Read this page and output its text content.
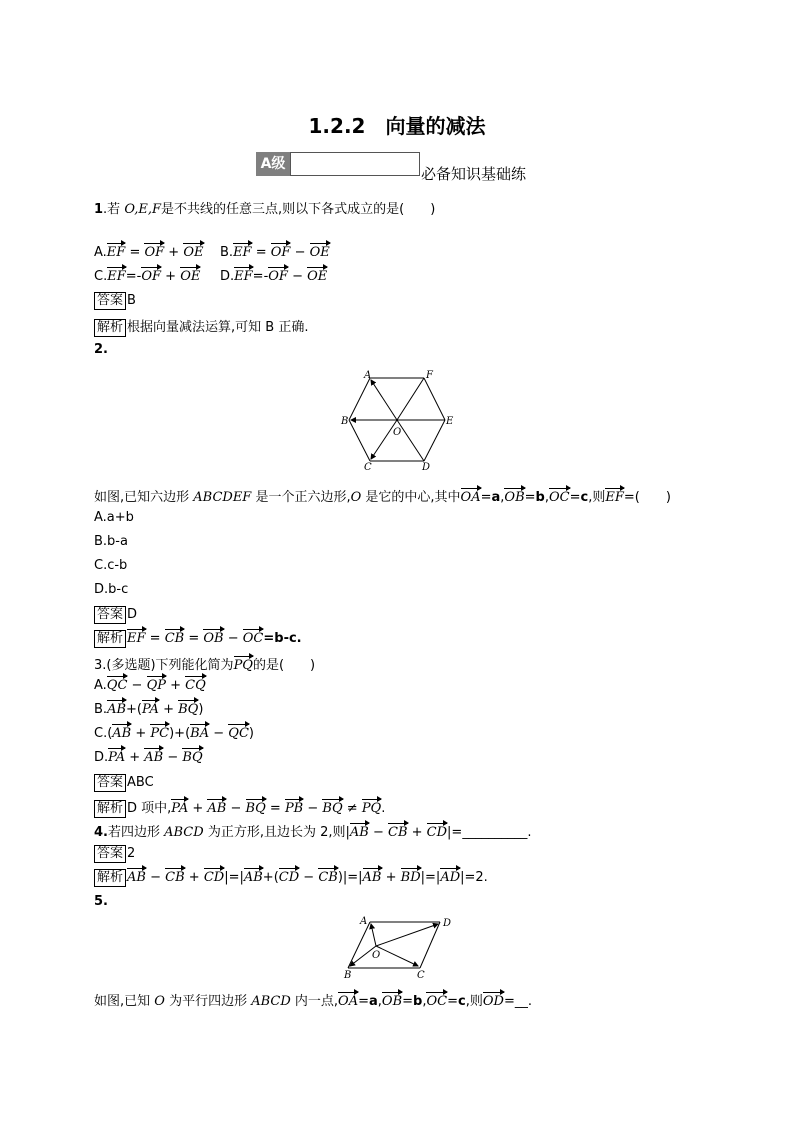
1.2.2　向量的减法
A级
必备知识基础练
1.若 O,E,F是不共线的任意三点,则以下各式成立的是(　　)
A.EF = OF + OE B.EF = OF − OE
C.EF=-OF + OE D.EF=-OF − OE
答案 B
解析 根据向量减法运算,可知 B 正确.
2.
A	F
B	E
C	D
O
如图,已知六边形 ABCDEF 是一个正六边形,O 是它的中心,其中OA=a,OB=b,OC=c,则EF=(　　)
A.a+b
B.b-a
C.c-b
D.b-c
答案 D
解析 EF = CB = OB − OC=b-c.
3.(多选题)下列能化简为PQ的是(　　)
A.QC − QP + CQ
B.AB+(PA + BQ)
C.(AB + PC)+(BA − QC)
D.PA + AB − BQ
答案 ABC
解析 D 项中,PA + AB − BQ = PB − BQ ≠ PQ.
4.若四边形 ABCD 为正方形,且边长为 2,则|AB − CB + CD|=__________.
答案 2
解析 AB − CB + CD|=|AB+(CD − CB)|=|AB + BD|=|AD|=2.
5.
A	D
B	C
O
如图,已知 O 为平行四边形 ABCD 内一点,OA=a,OB=b,OC=c,则OD=__.
